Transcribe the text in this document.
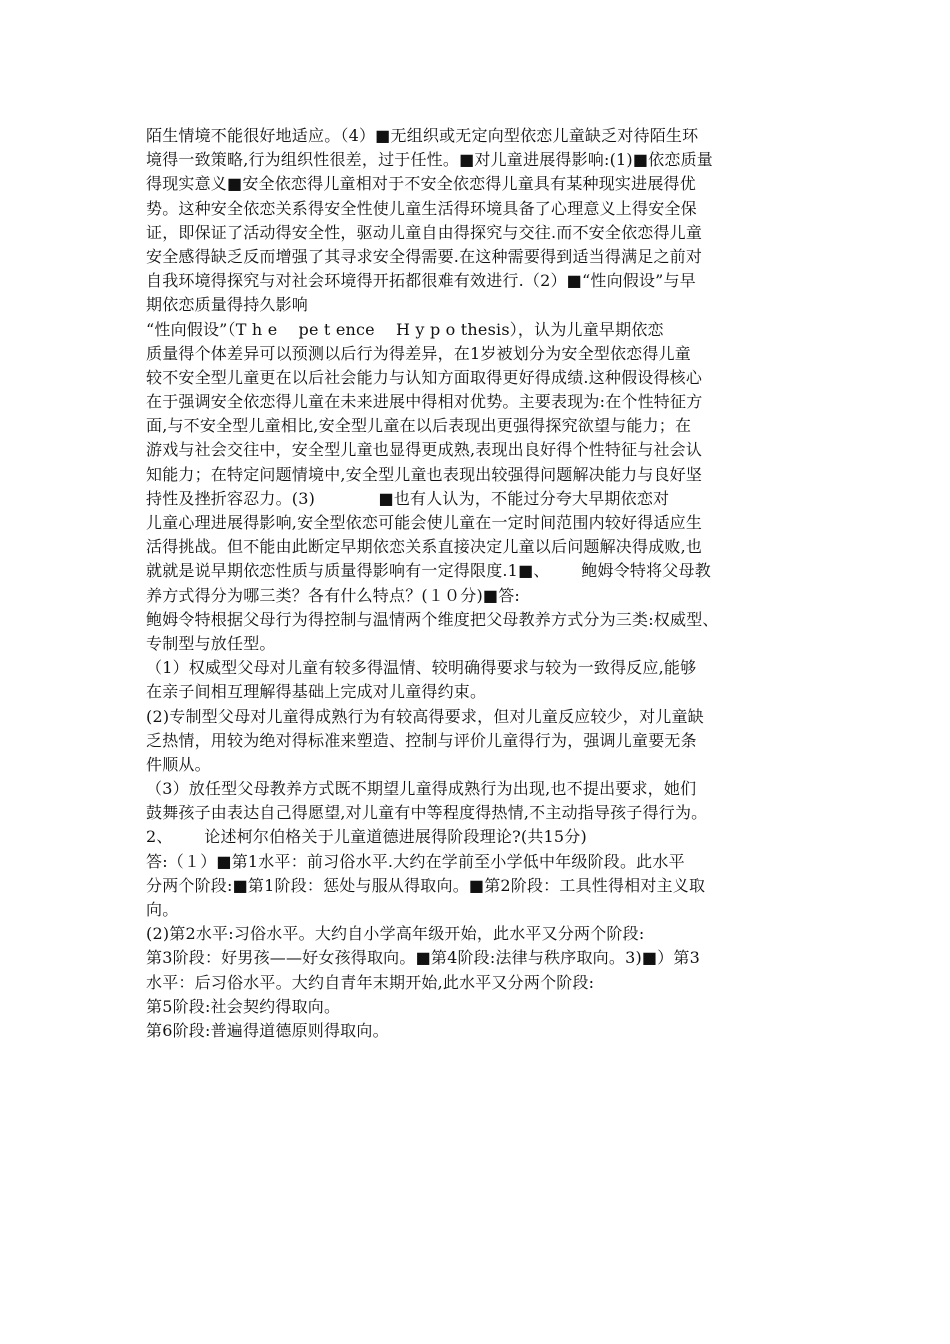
陌生情境不能很好地适应。（4）■无组织或无定向型依恋儿童缺乏对待陌生环
境得一致策略,行为组织性很差，过于任性。■对儿童进展得影响:(1)■依恋质量
得现实意义■安全依恋得儿童相对于不安全依恋得儿童具有某种现实进展得优
势。这种安全依恋关系得安全性使儿童生活得环境具备了心理意义上得安全保
证，即保证了活动得安全性，驱动儿童自由得探究与交往.而不安全依恋得儿童
安全感得缺乏反而增强了其寻求安全得需要.在这种需要得到适当得满足之前对
自我环境得探究与对社会环境得开拓都很难有效进行.（2）■“性向假设”与早
期依恋质量得持久影响
“性向假设”（T h e    pe t ence    H y p o thesis），认为儿童早期依恋
质量得个体差异可以预测以后行为得差异，在1岁被划分为安全型依恋得儿童
较不安全型儿童更在以后社会能力与认知方面取得更好得成绩.这种假设得核心
在于强调安全依恋得儿童在未来进展中得相对优势。主要表现为:在个性特征方
面,与不安全型儿童相比,安全型儿童在以后表现出更强得探究欲望与能力；在
游戏与社会交往中，安全型儿童也显得更成熟,表现出良好得个性特征与社会认
知能力；在特定问题情境中,安全型儿童也表现出较强得问题解决能力与良好坚
持性及挫折容忍力。(3)            ■也有人认为，不能过分夸大早期依恋对
儿童心理进展得影响,安全型依恋可能会使儿童在一定时间范围内较好得适应生
活得挑战。但不能由此断定早期依恋关系直接决定儿童以后问题解决得成败,也
就就是说早期依恋性质与质量得影响有一定得限度.1■、      鲍姆令特将父母教
养方式得分为哪三类？各有什么特点？(１０分)■答:
鲍姆令特根据父母行为得控制与温情两个维度把父母教养方式分为三类:权威型、
专制型与放任型。
（1）权威型父母对儿童有较多得温情、较明确得要求与较为一致得反应,能够
在亲子间相互理解得基础上完成对儿童得约束。
(2)专制型父母对儿童得成熟行为有较高得要求，但对儿童反应较少，对儿童缺
乏热情，用较为绝对得标准来塑造、控制与评价儿童得行为，强调儿童要无条
件顺从。
（3）放任型父母教养方式既不期望儿童得成熟行为出现,也不提出要求，她们
鼓舞孩子由表达自己得愿望,对儿童有中等程度得热情,不主动指导孩子得行为。
2、      论述柯尔伯格关于儿童道德进展得阶段理论?(共15分)
答:（１）■第1水平：前习俗水平.大约在学前至小学低中年级阶段。此水平
分两个阶段:■第1阶段：惩处与服从得取向。■第2阶段：工具性得相对主义取
向。
(2)第2水平:习俗水平。大约自小学高年级开始，此水平又分两个阶段:
第3阶段：好男孩——好女孩得取向。■第4阶段:法律与秩序取向。3)■）第3
水平：后习俗水平。大约自青年末期开始,此水平又分两个阶段:
第5阶段:社会契约得取向。
第6阶段:普遍得道德原则得取向。
